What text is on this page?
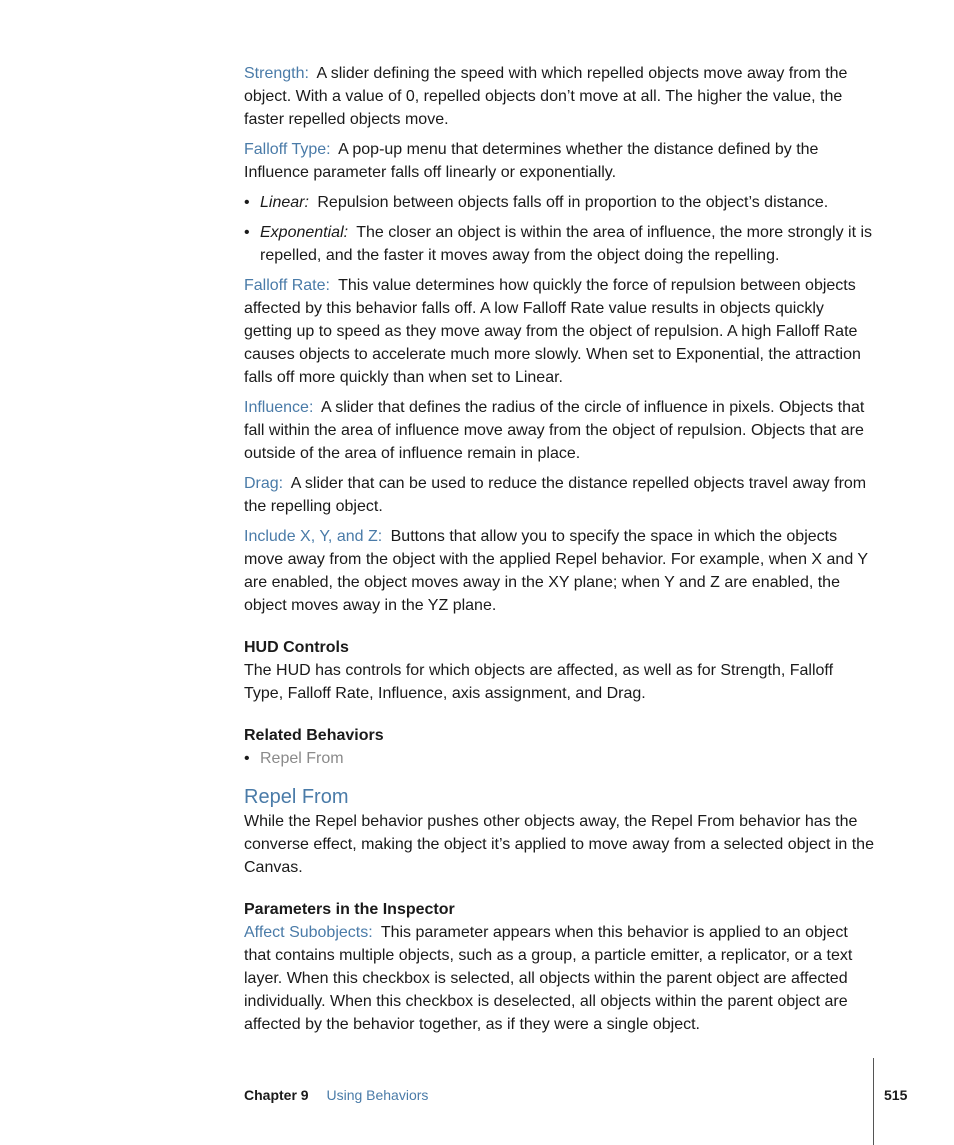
Strength: A slider defining the speed with which repelled objects move away from the object. With a value of 0, repelled objects don’t move at all. The higher the value, the faster repelled objects move.

Falloff Type: A pop-up menu that determines whether the distance defined by the Influence parameter falls off linearly or exponentially.

• Linear: Repulsion between objects falls off in proportion to the object’s distance.
• Exponential: The closer an object is within the area of influence, the more strongly it is repelled, and the faster it moves away from the object doing the repelling.

Falloff Rate: This value determines how quickly the force of repulsion between objects affected by this behavior falls off. A low Falloff Rate value results in objects quickly getting up to speed as they move away from the object of repulsion. A high Falloff Rate causes objects to accelerate much more slowly. When set to Exponential, the attraction falls off more quickly than when set to Linear.

Influence: A slider that defines the radius of the circle of influence in pixels. Objects that fall within the area of influence move away from the object of repulsion. Objects that are outside of the area of influence remain in place.

Drag: A slider that can be used to reduce the distance repelled objects travel away from the repelling object.

Include X, Y, and Z: Buttons that allow you to specify the space in which the objects move away from the object with the applied Repel behavior. For example, when X and Y are enabled, the object moves away in the XY plane; when Y and Z are enabled, the object moves away in the YZ plane.

HUD Controls

The HUD has controls for which objects are affected, as well as for Strength, Falloff Type, Falloff Rate, Influence, axis assignment, and Drag.

Related Behaviors
• Repel From
Repel From

While the Repel behavior pushes other objects away, the Repel From behavior has the converse effect, making the object it’s applied to move away from a selected object in the Canvas.

Parameters in the Inspector

Affect Subobjects: This parameter appears when this behavior is applied to an object that contains multiple objects, such as a group, a particle emitter, a replicator, or a text layer. When this checkbox is selected, all objects within the parent object are affected individually. When this checkbox is deselected, all objects within the parent object are affected by the behavior together, as if they were a single object.

Chapter 9 Using Behaviors	515
